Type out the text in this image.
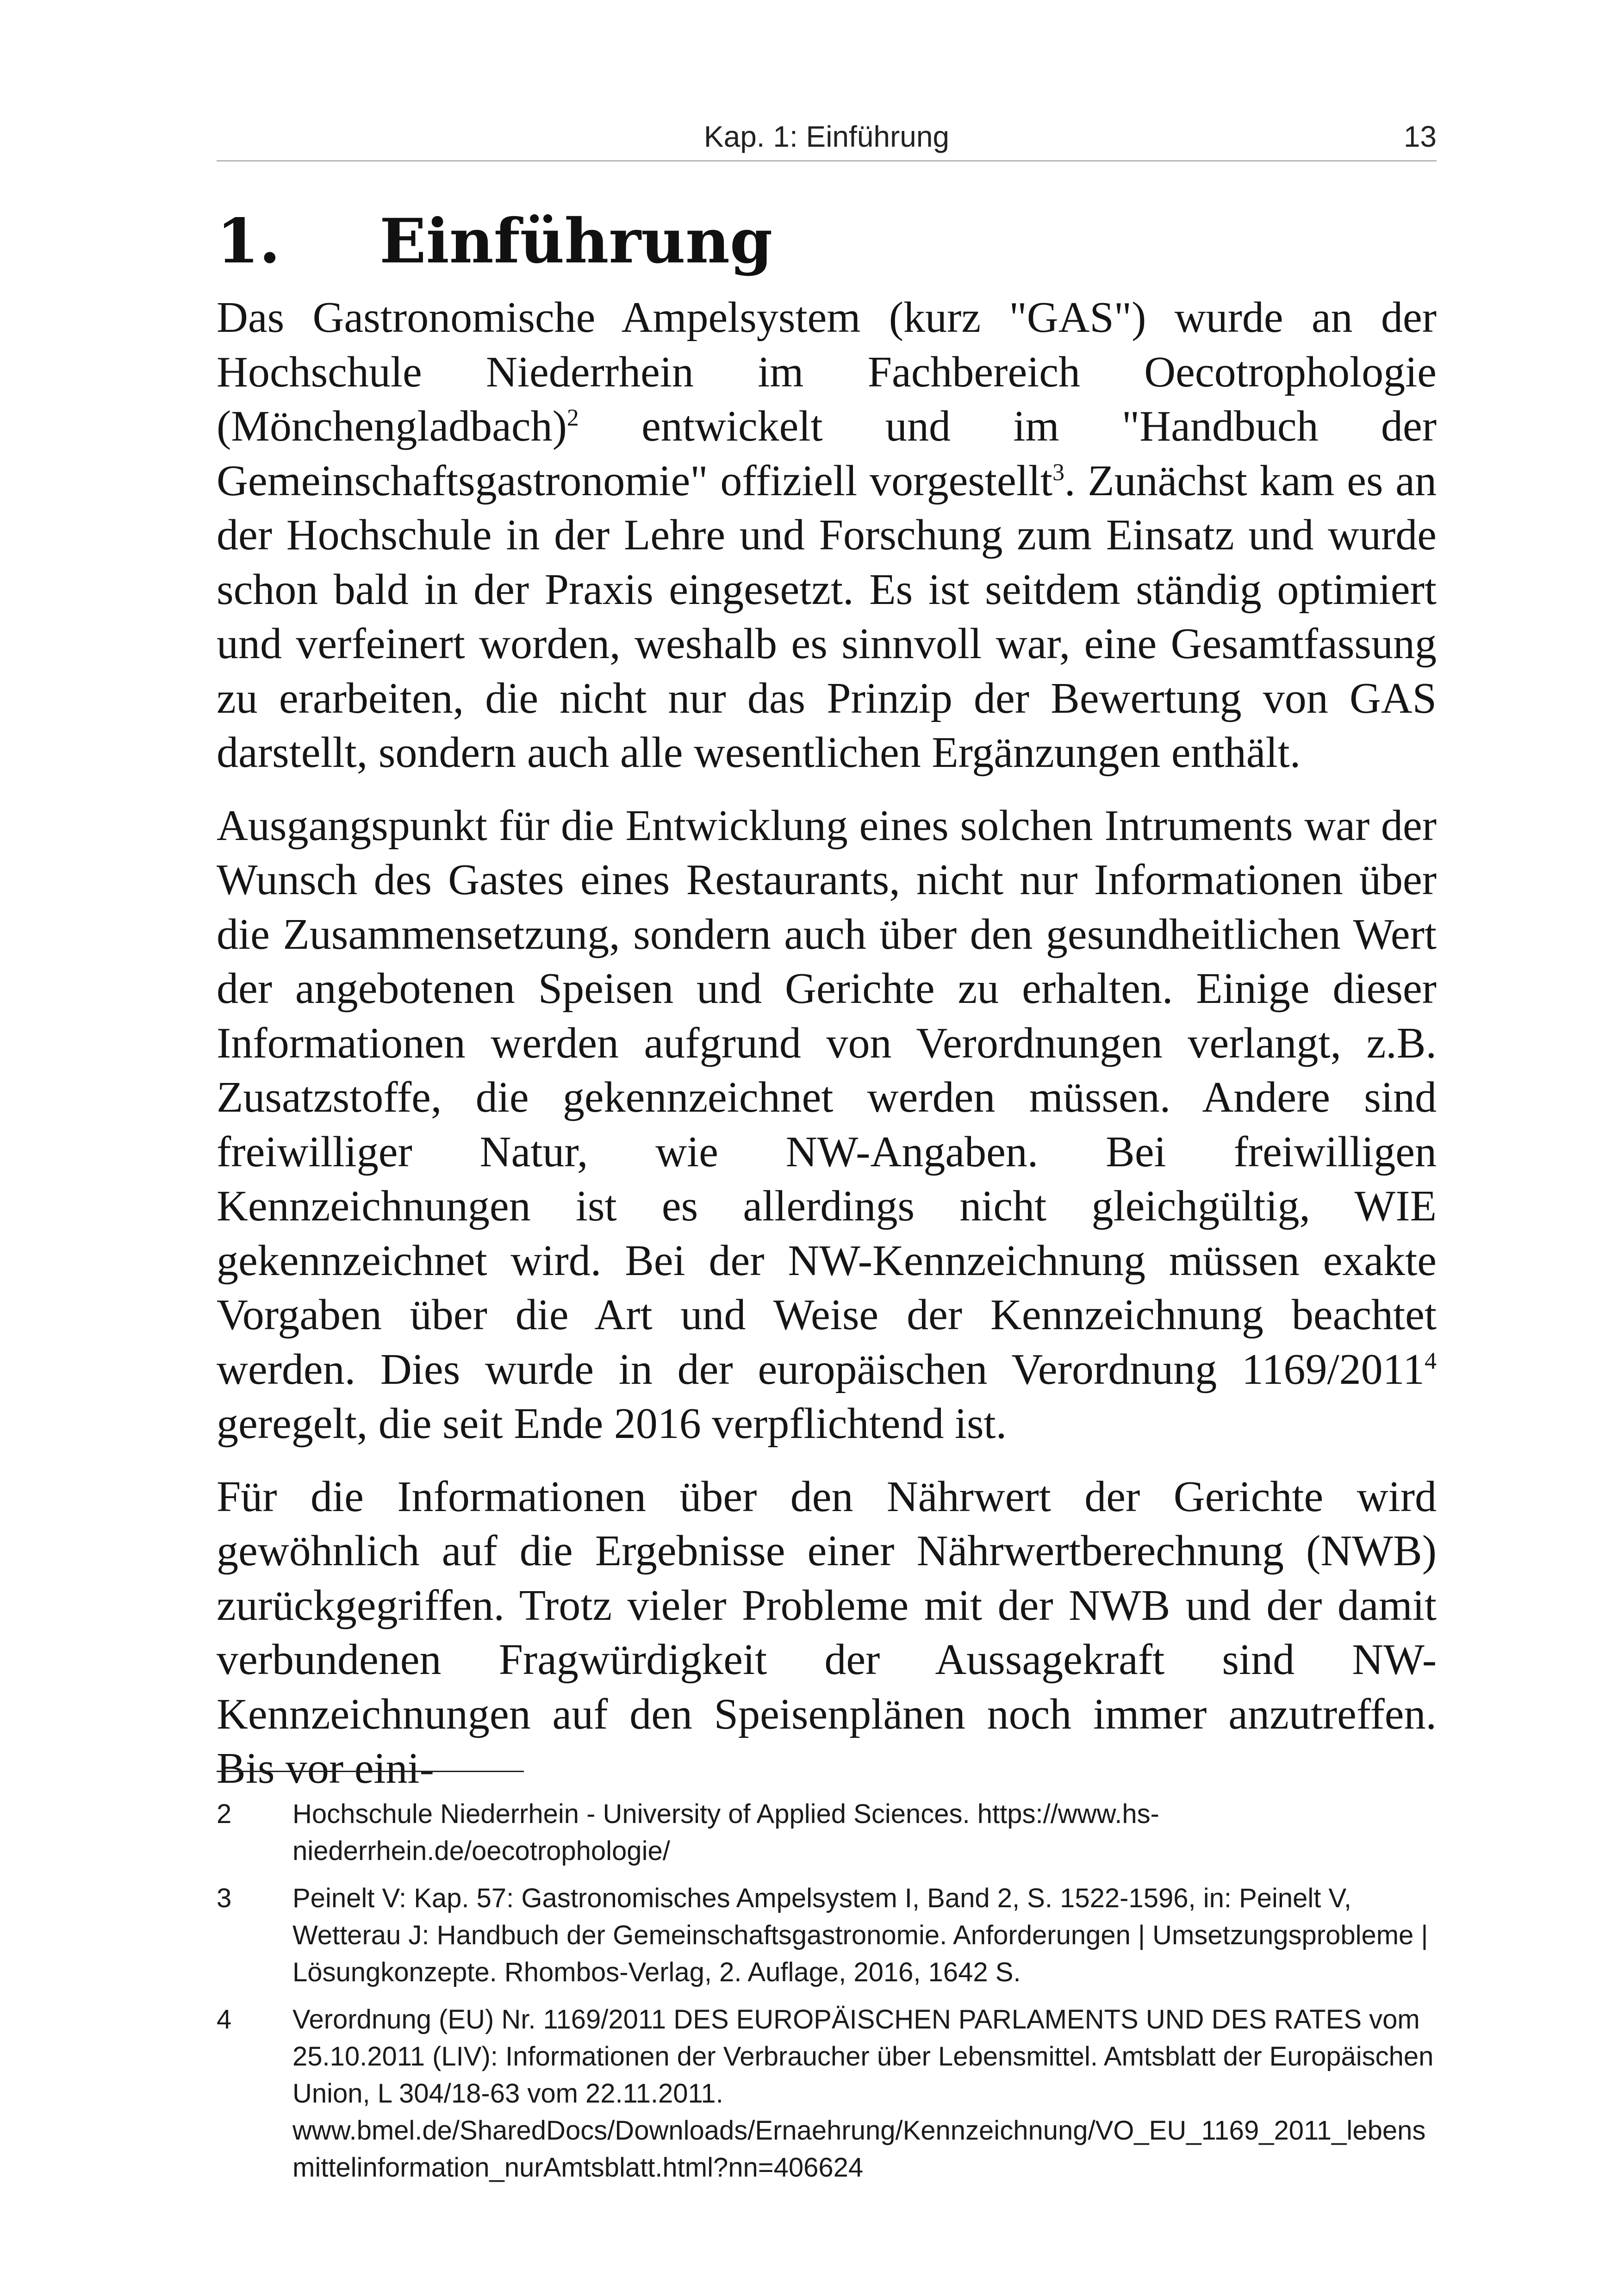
Kap. 1: Einführung	13
1. Einführung

Das Gastronomische Ampelsystem (kurz "GAS") wurde an der Hochschule Niederrhein im Fachbereich Oecotrophologie (Mönchengladbach)$^2$ entwickelt und im "Handbuch der Gemeinschaftsgastronomie" offiziell vorgestellt$^3$. Zunächst kam es an der Hochschule in der Lehre und Forschung zum Einsatz und wurde schon bald in der Praxis eingesetzt. Es ist seitdem ständig optimiert und verfeinert worden, weshalb es sinnvoll war, eine Gesamtfassung zu erarbeiten, die nicht nur das Prinzip der Bewertung von GAS darstellt, sondern auch alle wesentlichen Ergänzungen enthält.

Ausgangspunkt für die Entwicklung eines solchen Intruments war der Wunsch des Gastes eines Restaurants, nicht nur Informationen über die Zusammensetzung, sondern auch über den gesundheitlichen Wert der angebotenen Speisen und Gerichte zu erhalten. Einige dieser Informationen werden aufgrund von Verordnungen verlangt, z.B. Zusatzstoffe, die gekennzeichnet werden müssen. Andere sind freiwilliger Natur, wie NW-Angaben. Bei freiwilligen Kennzeichnungen ist es allerdings nicht gleichgültig, WIE gekennzeichnet wird. Bei der NW-Kennzeichnung müssen exakte Vorgaben über die Art und Weise der Kennzeichnung beachtet werden. Dies wurde in der europäischen Verordnung 1169/2011$^4$ geregelt, die seit Ende 2016 verpflichtend ist.

Für die Informationen über den Nährwert der Gerichte wird gewöhnlich auf die Ergebnisse einer Nährwertberechnung (NWB) zurückgegriffen. Trotz vieler Probleme mit der NWB und der damit verbundenen Fragwürdigkeit der Aussagekraft sind NW-Kennzeichnungen auf den Speisenplänen noch immer anzutreffen. Bis vor eini-

2	Hochschule Niederrhein - University of Applied Sciences. https://www.hs-niederrhein.de/oecotrophologie/
3	Peinelt V: Kap. 57: Gastronomisches Ampelsystem I, Band 2, S. 1522-1596, in: Peinelt V, Wetterau J: Handbuch der Gemeinschaftsgastronomie. Anforderungen | Umsetzungsprobleme | Lösungkonzepte. Rhombos-Verlag, 2. Auflage, 2016, 1642 S.
4	Verordnung (EU) Nr. 1169/2011 DES EUROPÄISCHEN PARLAMENTS UND DES RATES vom 25.10.2011 (LIV): Informationen der Verbraucher über Lebensmittel. Amtsblatt der Europäischen Union, L 304/18-63 vom 22.11.2011. www.bmel.de/SharedDocs/Downloads/Ernaehrung/Kennzeichnung/VO_EU_1169_2011_lebensmittelinformation_nurAmtsblatt.html?nn=406624
